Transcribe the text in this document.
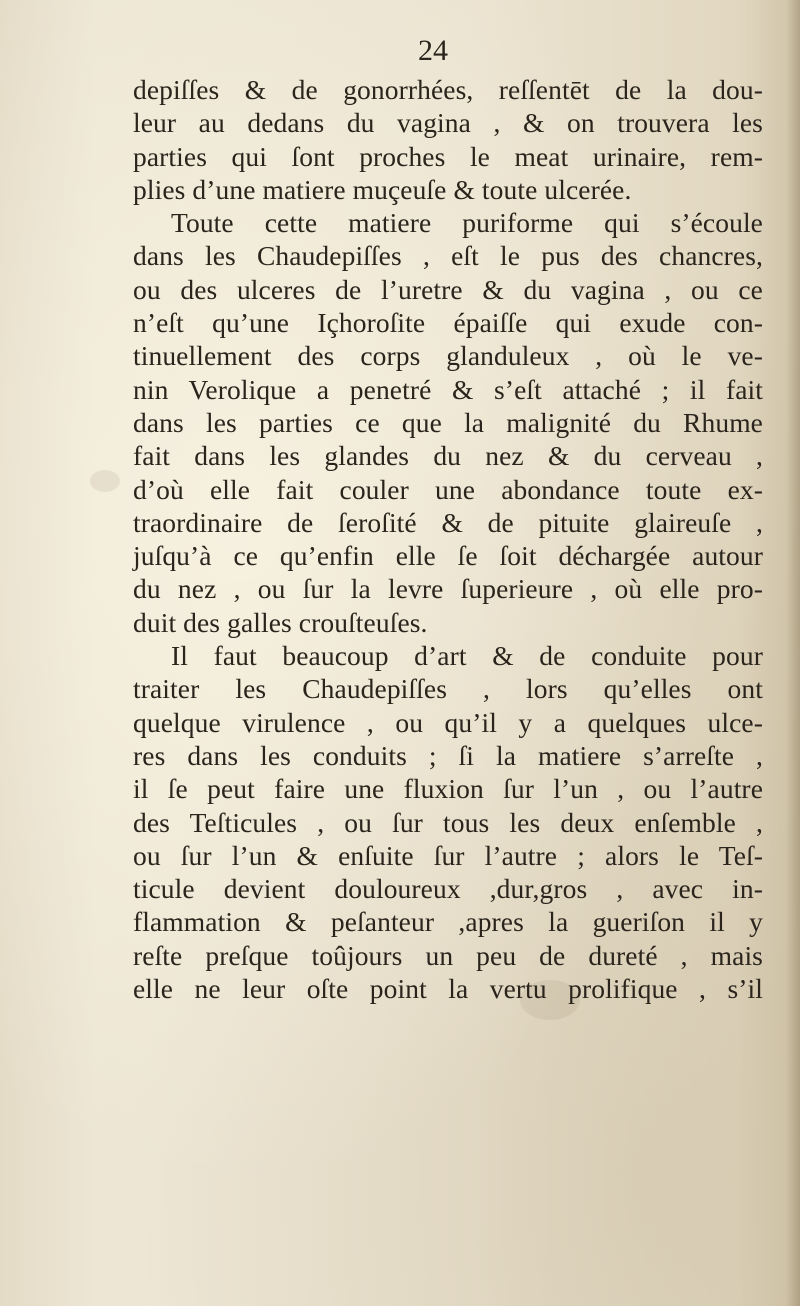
24
depiſſes & de gonorrhées, reſſentēt de la dou-
leur au dedans du vagina , & on trouvera les
parties qui ſont proches le meat urinaire, rem-
plies d’une matiere muçeuſe & toute ulcerée.
Toute cette matiere puriforme qui s’écoule
dans les Chaudepiſſes , eſt le pus des chancres,
ou des ulceres de l’uretre & du vagina , ou ce
n’eſt qu’une Içhoroſite épaiſſe qui exude con-
tinuellement des corps glanduleux , où le ve-
nin Verolique a penetré & s’eſt attaché ; il fait
dans les parties ce que la malignité du Rhume
fait dans les glandes du nez & du cerveau ,
d’où elle fait couler une abondance toute ex-
traordinaire de ſeroſité & de pituite glaireuſe ,
juſqu’à ce qu’enfin elle ſe ſoit déchargée autour
du nez , ou ſur la levre ſuperieure , où elle pro-
duit des galles crouſteuſes.
Il faut beaucoup d’art & de conduite pour
traiter les Chaudepiſſes , lors qu’elles ont
quelque virulence , ou qu’il y a quelques ulce-
res dans les conduits ; ſi la matiere s’arreſte ,
il ſe peut faire une fluxion ſur l’un , ou l’autre
des Teſticules , ou ſur tous les deux enſemble ,
ou ſur l’un & enſuite ſur l’autre ; alors le Teſ-
ticule devient douloureux ,dur,gros , avec in-
flammation & peſanteur ,apres la gueriſon il y
reſte preſque toûjours un peu de dureté , mais
elle ne leur oſte point la vertu prolifique , s’il
